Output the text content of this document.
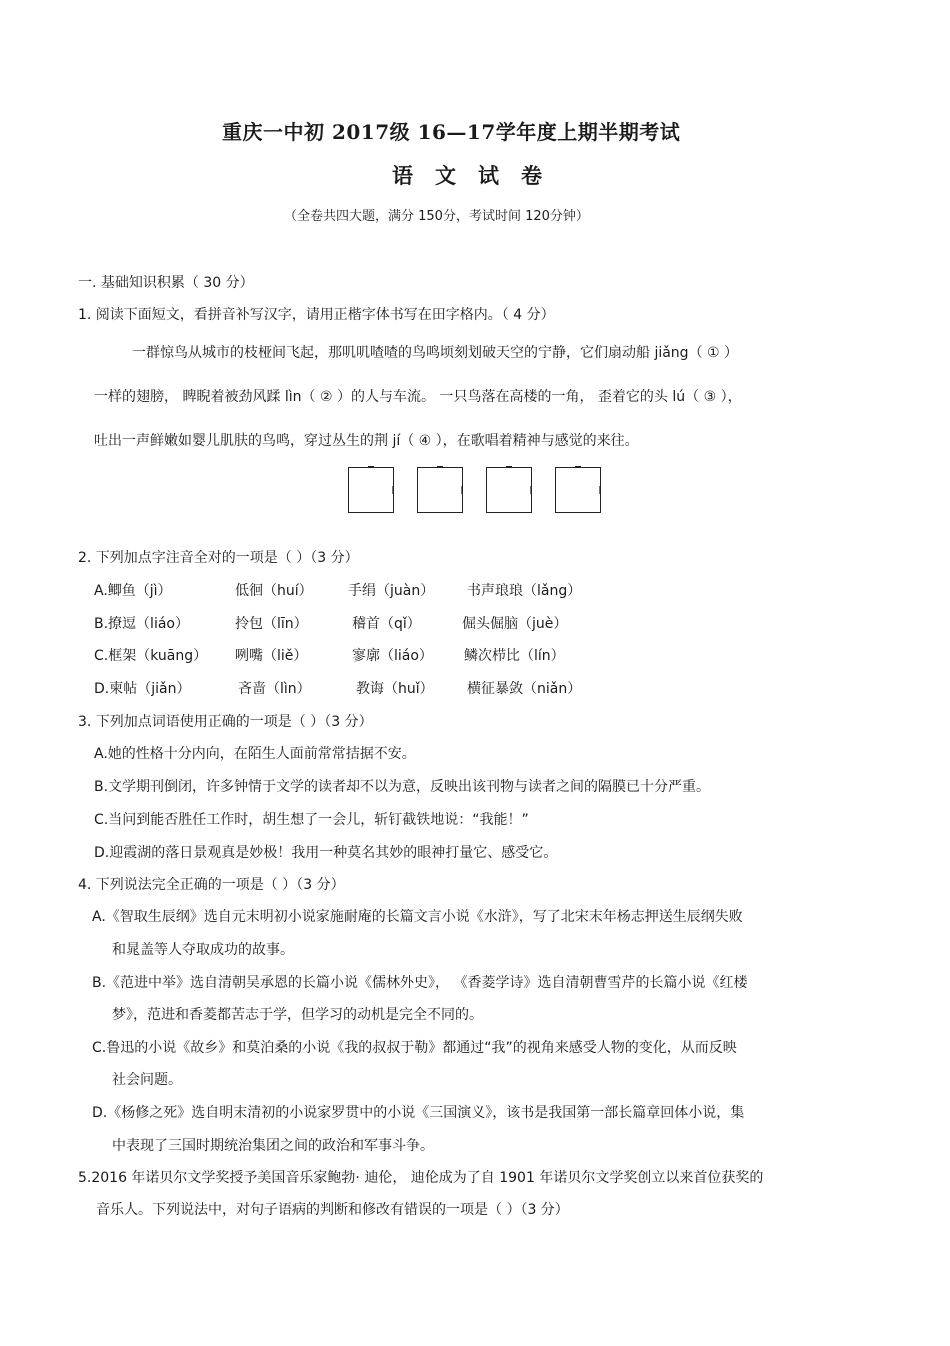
重庆一中初 2017级 16—17学年度上期半期考试
语文试卷
（全卷共四大题，满分 150分，考试时间 120分钟）
一. 基础知识积累（ 30 分）
1. 阅读下面短文，看拼音补写汉字，请用正楷字体书写在田字格内。（ 4 分）
一群惊鸟从城市的枝桠间飞起，那叽叽喳喳的鸟鸣顷刻划破天空的宁静，它们扇动船 jiǎng（ ① ）
一样的翅膀， 睥睨着被劲风蹂 lìn（ ② ）的人与车流。 一只鸟落在高楼的一角， 歪着它的头 lú（ ③ ），
吐出一声鲜嫩如婴儿肌肤的鸟鸣，穿过丛生的荆 jí（ ④ ），在歌唱着精神与感觉的来往。
2. 下列加点字注音全对的一项是（ ）（3 分）
A.鲫鱼（jì）	低徊（huí）	手绢（juàn） 书声琅琅（lǎng）
B.撩逗（liáo）	拎包（līn）	稽首（qǐ）	倔头倔脑（juè）
C.框架（kuāng） 咧嘴（liě）	寥廓（liáo） 鳞次栉比（lín）
D.柬帖（jiǎn）	吝啬（lìn）	教诲（huǐ） 横征暴敛（niǎn）
3. 下列加点词语使用正确的一项是（ ）（3 分）
A.她的性格十分内向，在陌生人面前常常拮据不安。
B.文学期刊倒闭，许多钟情于文学的读者却不以为意，反映出该刊物与读者之间的隔膜已十分严重。
C.当问到能否胜任工作时，胡生想了一会儿，斩钉截铁地说：“我能！”
D.迎霞湖的落日景观真是妙极！我用一种莫名其妙的眼神打量它、感受它。
4. 下列说法完全正确的一项是（ ）（3 分）
A.《智取生辰纲》选自元末明初小说家施耐庵的长篇文言小说《水浒》，写了北宋末年杨志押送生辰纲失败
和晁盖等人夺取成功的故事。
B.《范进中举》选自清朝吴承恩的长篇小说《儒林外史》， 《香菱学诗》选自清朝曹雪芹的长篇小说《红楼
梦》，范进和香菱都苦志于学，但学习的动机是完全不同的。
C.鲁迅的小说《故乡》和莫泊桑的小说《我的叔叔于勒》都通过“我”的视角来感受人物的变化，从而反映
社会问题。
D.《杨修之死》选自明末清初的小说家罗贯中的小说《三国演义》，该书是我国第一部长篇章回体小说，集
中表现了三国时期统治集团之间的政治和军事斗争。
5.2016 年诺贝尔文学奖授予美国音乐家鲍勃· 迪伦， 迪伦成为了自 1901 年诺贝尔文学奖创立以来首位获奖的
音乐人。下列说法中，对句子语病的判断和修改有错误的一项是（ ）（3 分）
